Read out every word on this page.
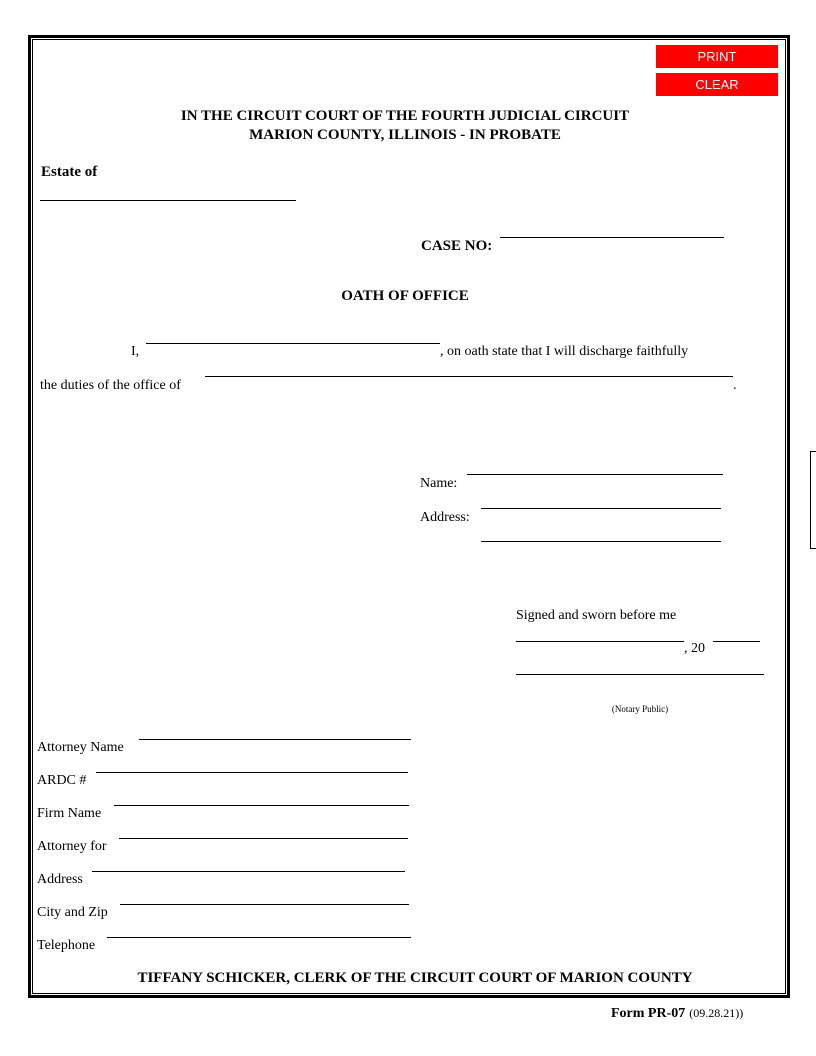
PRINT
CLEAR
IN THE CIRCUIT COURT OF THE FOURTH JUDICIAL CIRCUIT
MARION COUNTY, ILLINOIS - IN PROBATE
Estate of
CASE NO:
OATH OF OFFICE
I,	, on oath state that I will discharge faithfully
the duties of the office of	.
Name:
Address:
Signed and sworn before me
, 20
(Notary Public)
Attorney Name
ARDC #
Firm Name
Attorney for
Address
City and Zip
Telephone
TIFFANY SCHICKER, CLERK OF THE CIRCUIT COURT OF MARION COUNTY
Form PR-07 (09.28.21))
